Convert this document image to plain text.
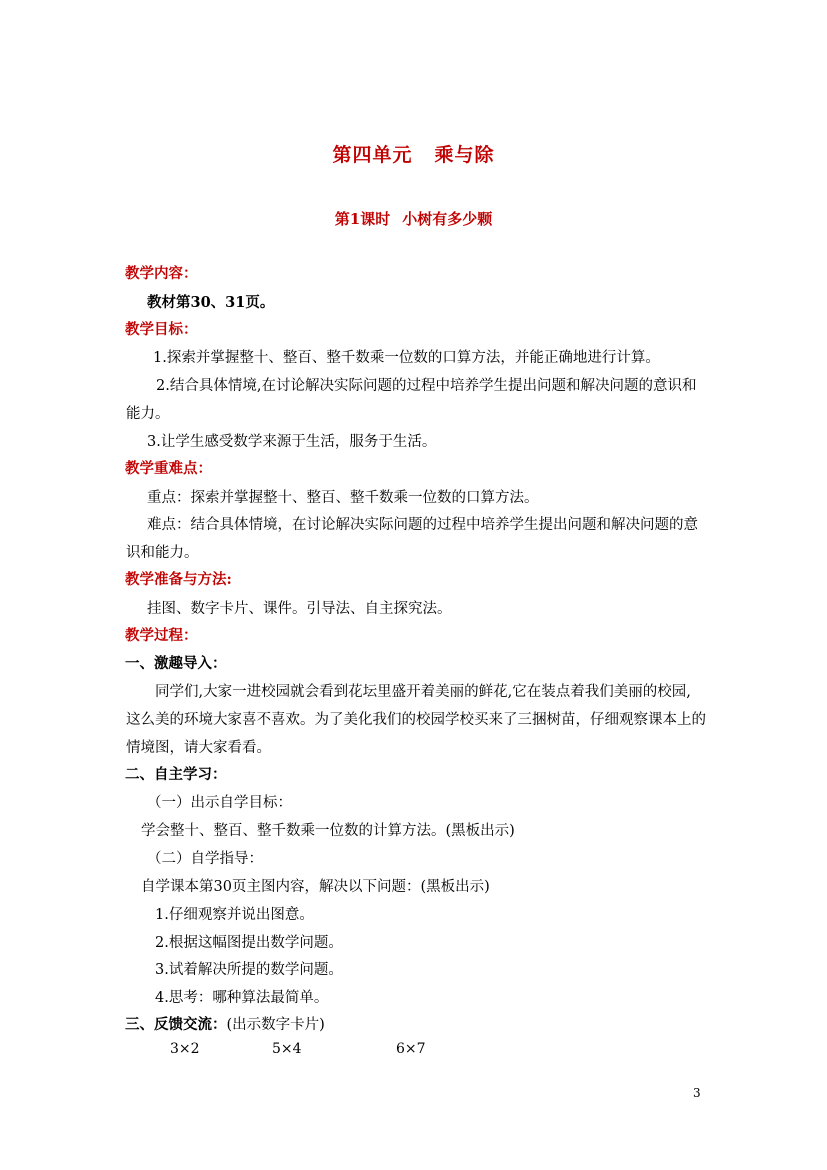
第四单元 乘与除
第1课时 小树有多少颗
教学内容：
教材第30、31页。
教学目标：
1.探索并掌握整十、整百、整千数乘一位数的口算方法，并能正确地进行计算。
2.结合具体情境,在讨论解决实际问题的过程中培养学生提出问题和解决问题的意识和
能力。
3.让学生感受数学来源于生活，服务于生活。
教学重难点：
重点：探索并掌握整十、整百、整千数乘一位数的口算方法。
难点：结合具体情境，在讨论解决实际问题的过程中培养学生提出问题和解决问题的意
识和能力。
教学准备与方法:
挂图、数字卡片、课件。引导法、自主探究法。
教学过程：
一、激趣导入：
同学们,大家一进校园就会看到花坛里盛开着美丽的鲜花,它在装点着我们美丽的校园,
这么美的环境大家喜不喜欢。为了美化我们的校园学校买来了三捆树苗，仔细观察课本上的
情境图，请大家看看。
二、自主学习：
（一）出示自学目标：
学会整十、整百、整千数乘一位数的计算方法。(黑板出示)
（二）自学指导：
自学课本第30页主图内容，解决以下问题：(黑板出示)
1.仔细观察并说出图意。
2.根据这幅图提出数学问题。
3.试着解决所提的数学问题。
4.思考：哪种算法最简单。
三、反馈交流：(出示数字卡片)
3×2	5×4	6×7
3
